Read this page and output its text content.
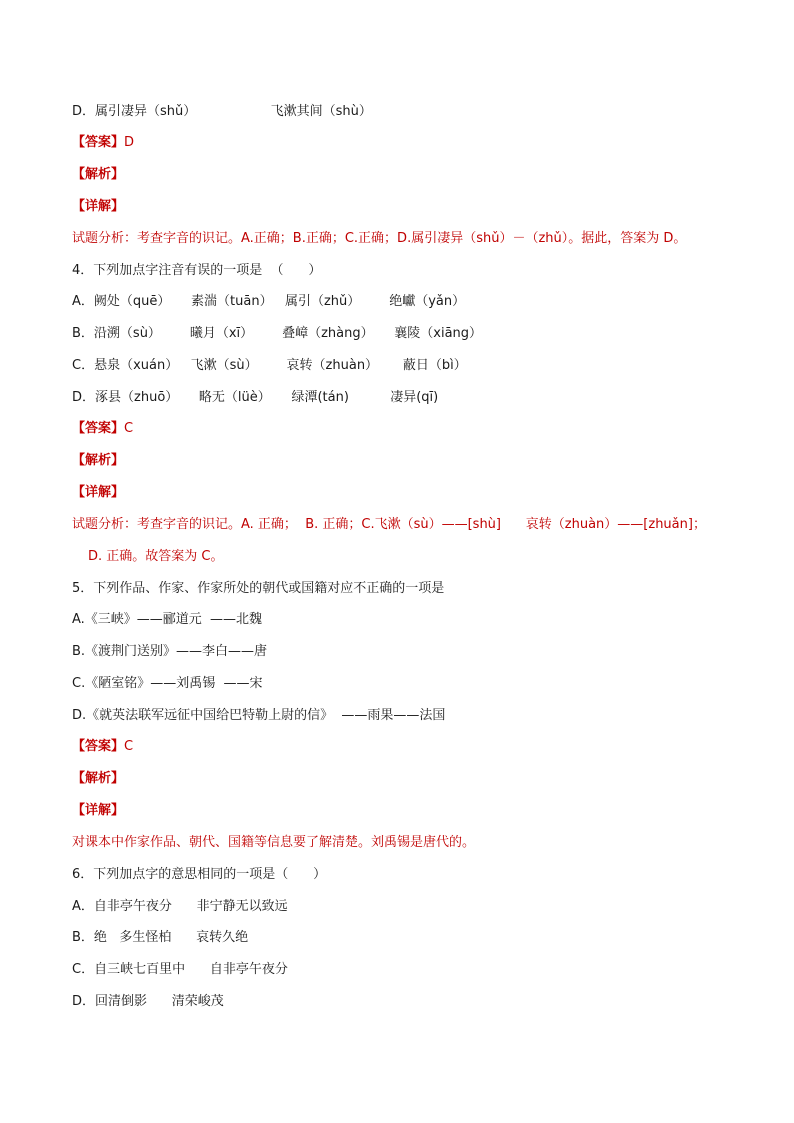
D．属引凄异（shǔ）                  飞漱其间（shù）
【答案】D
【解析】
【详解】
试题分析：考查字音的识记。A.正确；B.正确；C.正确；D.属引凄异（shǔ）－（zhǔ）。据此，答案为 D。
4．下列加点字注音有误的一项是  （      ）
A．阙处（quē）     素湍（tuān）   属引（zhǔ）       绝巘（yǎn）
B．沿溯（sù）       曦月（xī）       叠嶂（zhàng）     襄陵（xiāng）
C．悬泉（xuán）   飞漱（sù）       哀转（zhuàn）      蔽日（bì）
D．涿县（zhuō）     略无（lüè）     绿潭(tán)          凄异(qī)
【答案】C
【解析】
【详解】
试题分析：考查字音的识记。A. 正确；  B. 正确；C.飞漱（sù）——[shù]      哀转（zhuàn）——[zhuǎn]；
D. 正确。故答案为 C。
5．下列作品、作家、作家所处的朝代或国籍对应不正确的一项是
A.《三峡》——郦道元  ——北魏
B.《渡荆门送别》——李白——唐
C.《陋室铭》——刘禹锡  ——宋
D.《就英法联军远征中国给巴特勒上尉的信》  ——雨果——法国
【答案】C
【解析】
【详解】
对课本中作家作品、朝代、国籍等信息要了解清楚。刘禹锡是唐代的。
6．下列加点字的意思相同的一项是（      ）
A．自非亭午夜分      非宁静无以致远
B．绝   多生怪柏      哀转久绝
C．自三峡七百里中      自非亭午夜分
D．回清倒影      清荣峻茂
